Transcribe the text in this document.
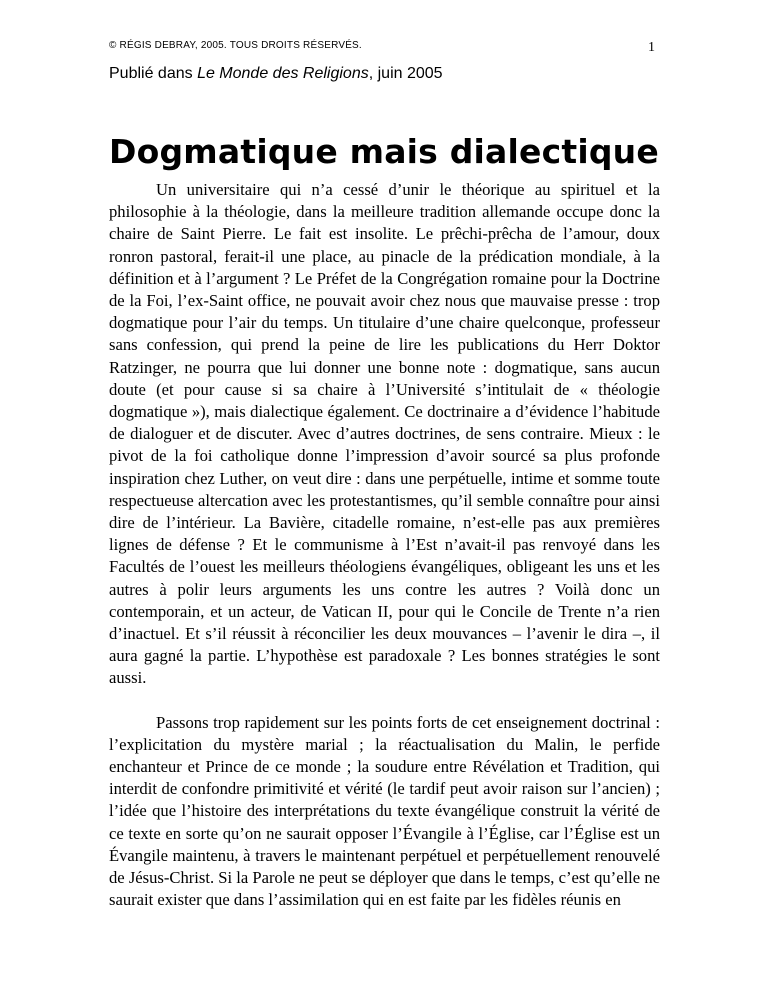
© RÉGIS DEBRAY, 2005. TOUS DROITS RÉSERVÉS.	1
Publié dans Le Monde des Religions, juin 2005
Dogmatique mais dialectique

Un universitaire qui n’a cessé d’unir le théorique au spirituel et la philosophie à la théologie, dans la meilleure tradition allemande occupe donc la chaire de Saint Pierre. Le fait est insolite. Le prêchi-prêcha de l’amour, doux ronron pastoral, ferait-il une place, au pinacle de la prédication mondiale, à la définition et à l’argument ? Le Préfet de la Congrégation romaine pour la Doctrine de la Foi, l’ex-Saint office, ne pouvait avoir chez nous que mauvaise presse : trop dogmatique pour l’air du temps. Un titulaire d’une chaire quelconque, professeur sans confession, qui prend la peine de lire les publications du Herr Doktor Ratzinger, ne pourra que lui donner une bonne note : dogmatique, sans aucun doute (et pour cause si sa chaire à l’Université s’intitulait de « théologie dogmatique »), mais dialectique également. Ce doctrinaire a d’évidence l’habitude de dialoguer et de discuter. Avec d’autres doctrines, de sens contraire. Mieux : le pivot de la foi catholique donne l’impression d’avoir sourcé sa plus profonde inspiration chez Luther, on veut dire : dans une perpétuelle, intime et somme toute respectueuse altercation avec les protestantismes, qu’il semble connaître pour ainsi dire de l’intérieur. La Bavière, citadelle romaine, n’est-elle pas aux premières lignes de défense ? Et le communisme à l’Est n’avait-il pas renvoyé dans les Facultés de l’ouest les meilleurs théologiens évangéliques, obligeant les uns et les autres à polir leurs arguments les uns contre les autres ? Voilà donc un contemporain, et un acteur, de Vatican II, pour qui le Concile de Trente n’a rien d’inactuel. Et s’il réussit à réconcilier les deux mouvances – l’avenir le dira –, il aura gagné la partie. L’hypothèse est paradoxale ? Les bonnes stratégies le sont aussi.

Passons trop rapidement sur les points forts de cet enseignement doctrinal : l’explicitation du mystère marial ; la réactualisation du Malin, le perfide enchanteur et Prince de ce monde ; la soudure entre Révélation et Tradition, qui interdit de confondre primitivité et vérité (le tardif peut avoir raison sur l’ancien) ; l’idée que l’histoire des interprétations du texte évangélique construit la vérité de ce texte en sorte qu’on ne saurait opposer l’Évangile à l’Église, car l’Église est un Évangile maintenu, à travers le maintenant perpétuel et perpétuellement renouvelé de Jésus-Christ. Si la Parole ne peut se déployer que dans le temps, c’est qu’elle ne saurait exister que dans l’assimilation qui en est faite par les fidèles réunis en
